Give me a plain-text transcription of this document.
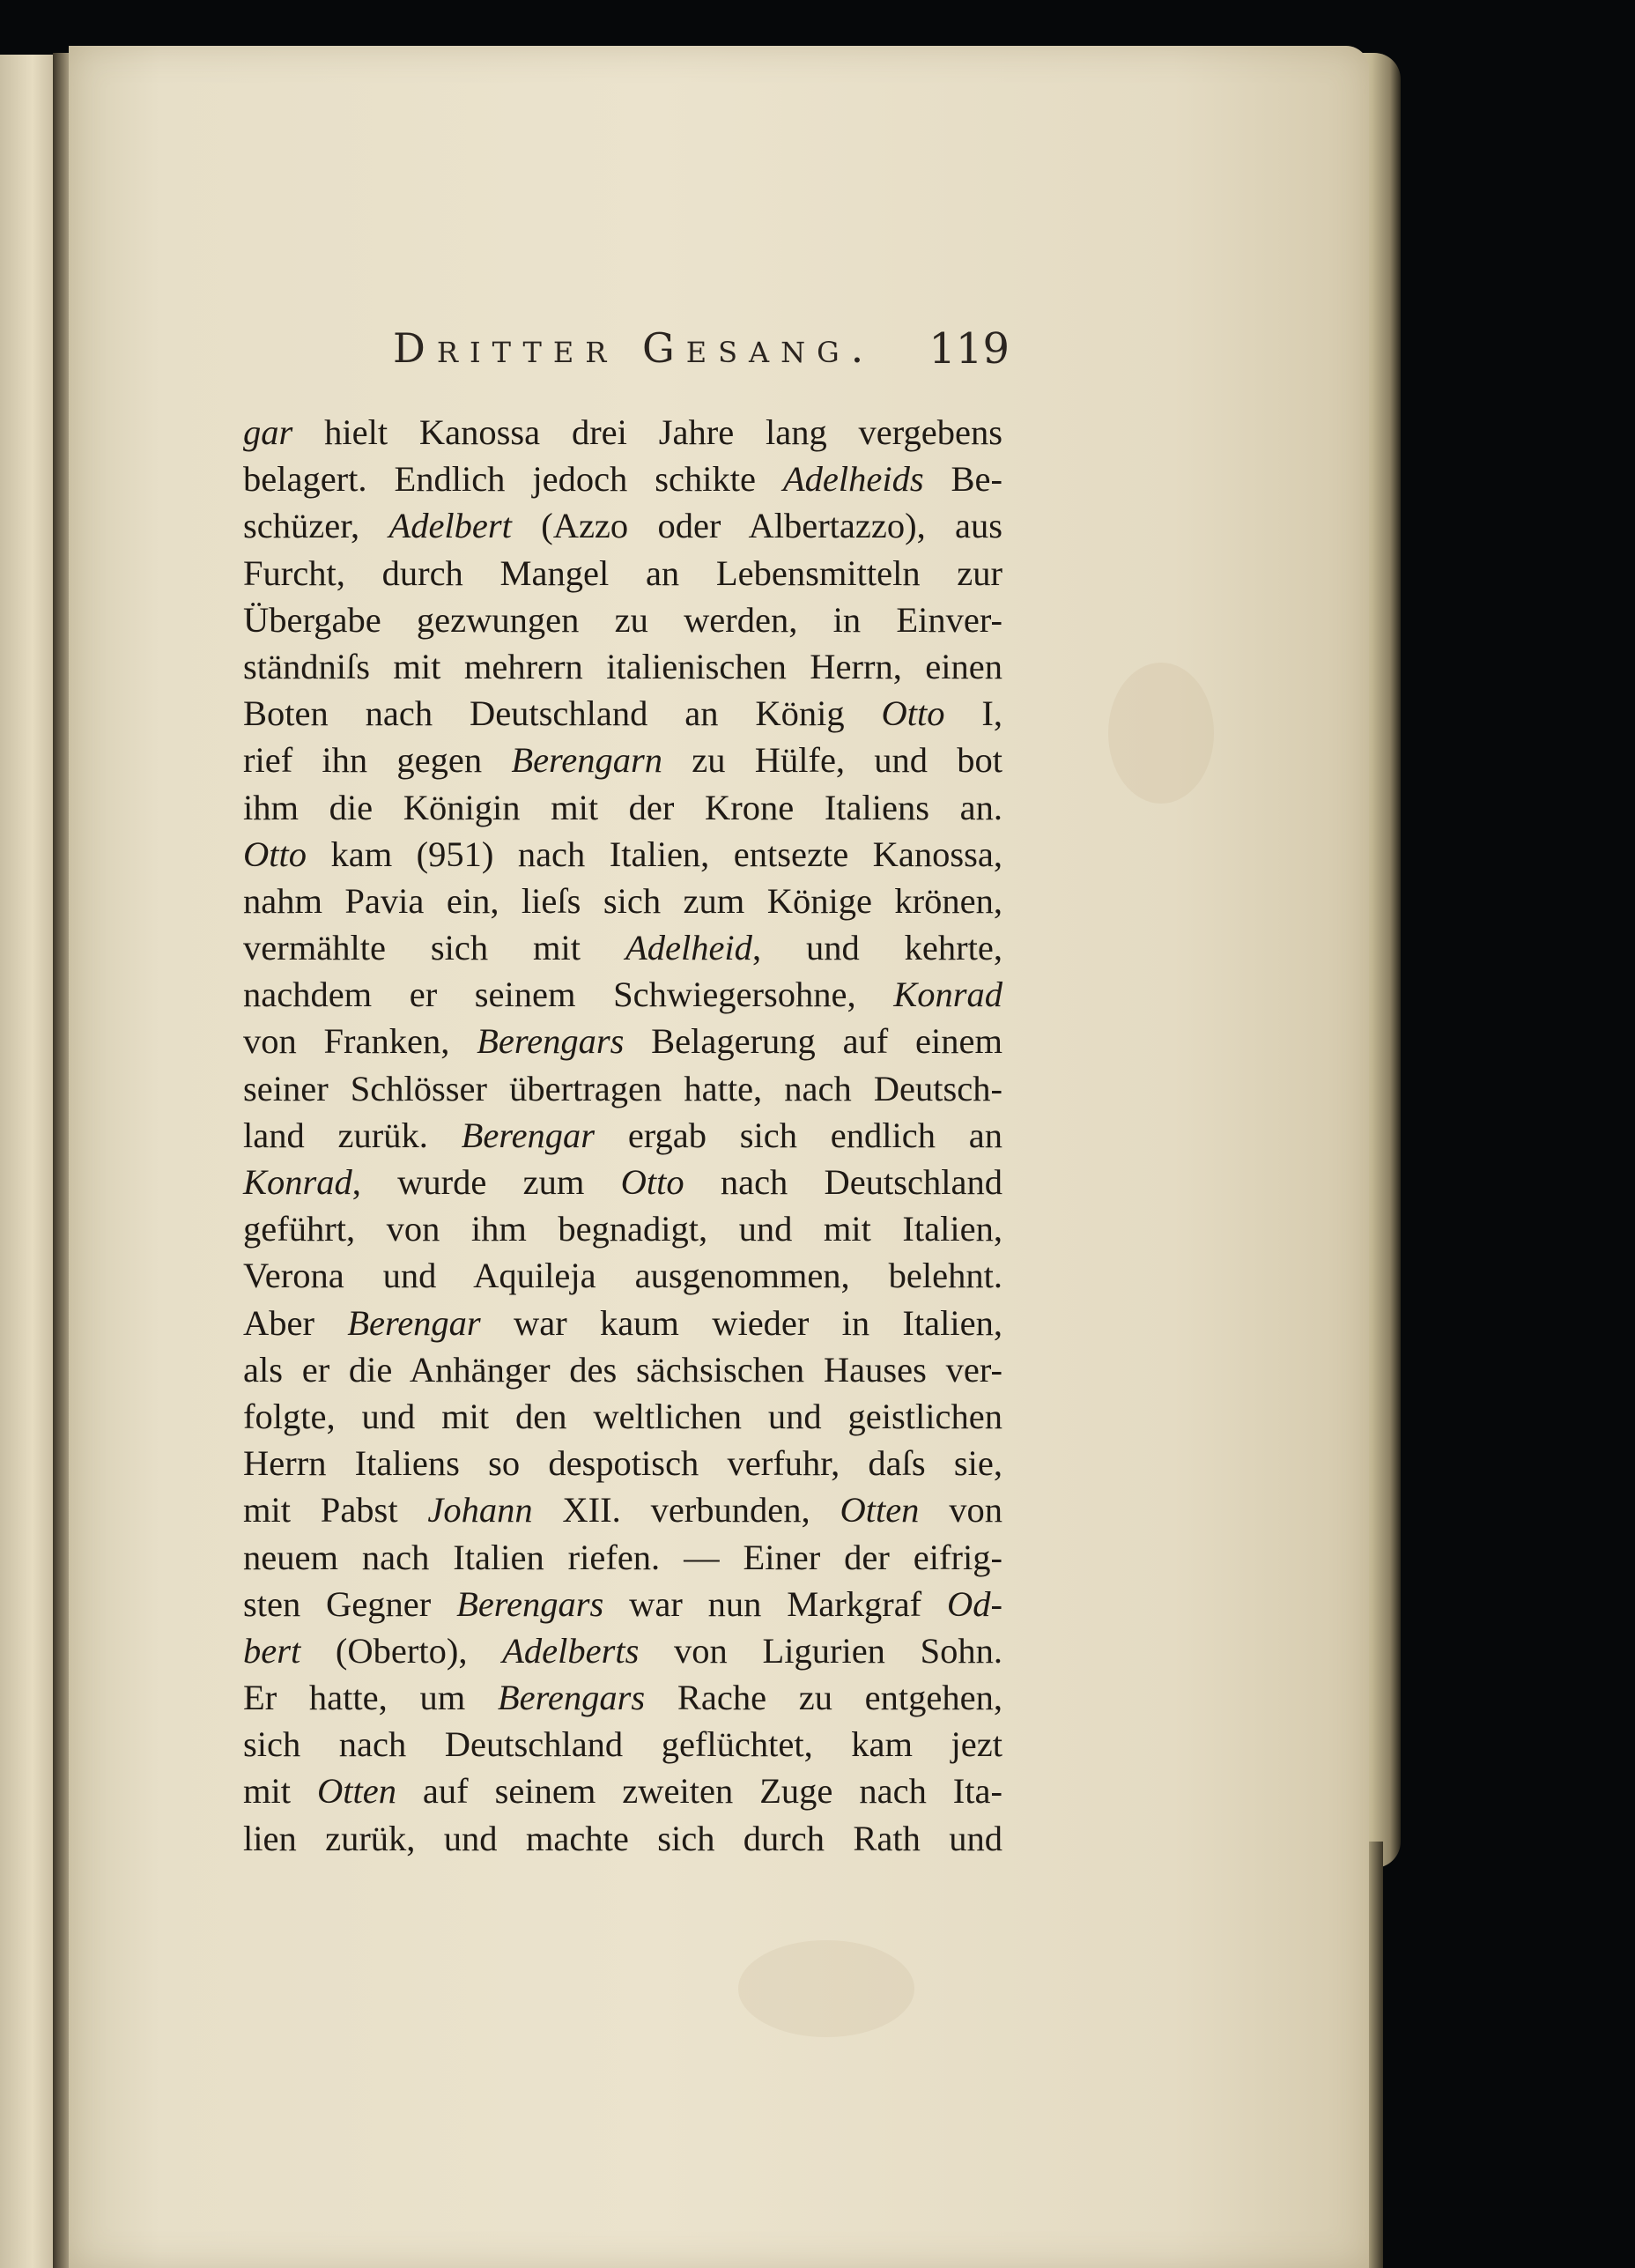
Dritter Gesang. 119
gar hielt Kanossa drei Jahre lang vergebens
belagert. Endlich jedoch schikte Adelheids Be-
schüzer, Adelbert (Azzo oder Albertazzo), aus
Furcht, durch Mangel an Lebensmitteln zur
Übergabe gezwungen zu werden, in Einver-
ständniſs mit mehrern italienischen Herrn, einen
Boten nach Deutschland an König Otto I,
rief ihn gegen Berengarn zu Hülfe, und bot
ihm die Königin mit der Krone Italiens an.
Otto kam (951) nach Italien, entsezte Kanossa,
nahm Pavia ein, lieſs sich zum Könige krönen,
vermählte sich mit Adelheid, und kehrte,
nachdem er seinem Schwiegersohne, Konrad
von Franken, Berengars Belagerung auf einem
seiner Schlösser übertragen hatte, nach Deutsch-
land zurük. Berengar ergab sich endlich an
Konrad, wurde zum Otto nach Deutschland
geführt, von ihm begnadigt, und mit Italien,
Verona und Aquileja ausgenommen, belehnt.
Aber Berengar war kaum wieder in Italien,
als er die Anhänger des sächsischen Hauses ver-
folgte, und mit den weltlichen und geistlichen
Herrn Italiens so despotisch verfuhr, daſs sie,
mit Pabst Johann XII. verbunden, Otten von
neuem nach Italien riefen. — Einer der eifrig-
sten Gegner Berengars war nun Markgraf Od-
bert (Oberto), Adelberts von Ligurien Sohn.
Er hatte, um Berengars Rache zu entgehen,
sich nach Deutschland geflüchtet, kam jezt
mit Otten auf seinem zweiten Zuge nach Ita-
lien zurük, und machte sich durch Rath und
